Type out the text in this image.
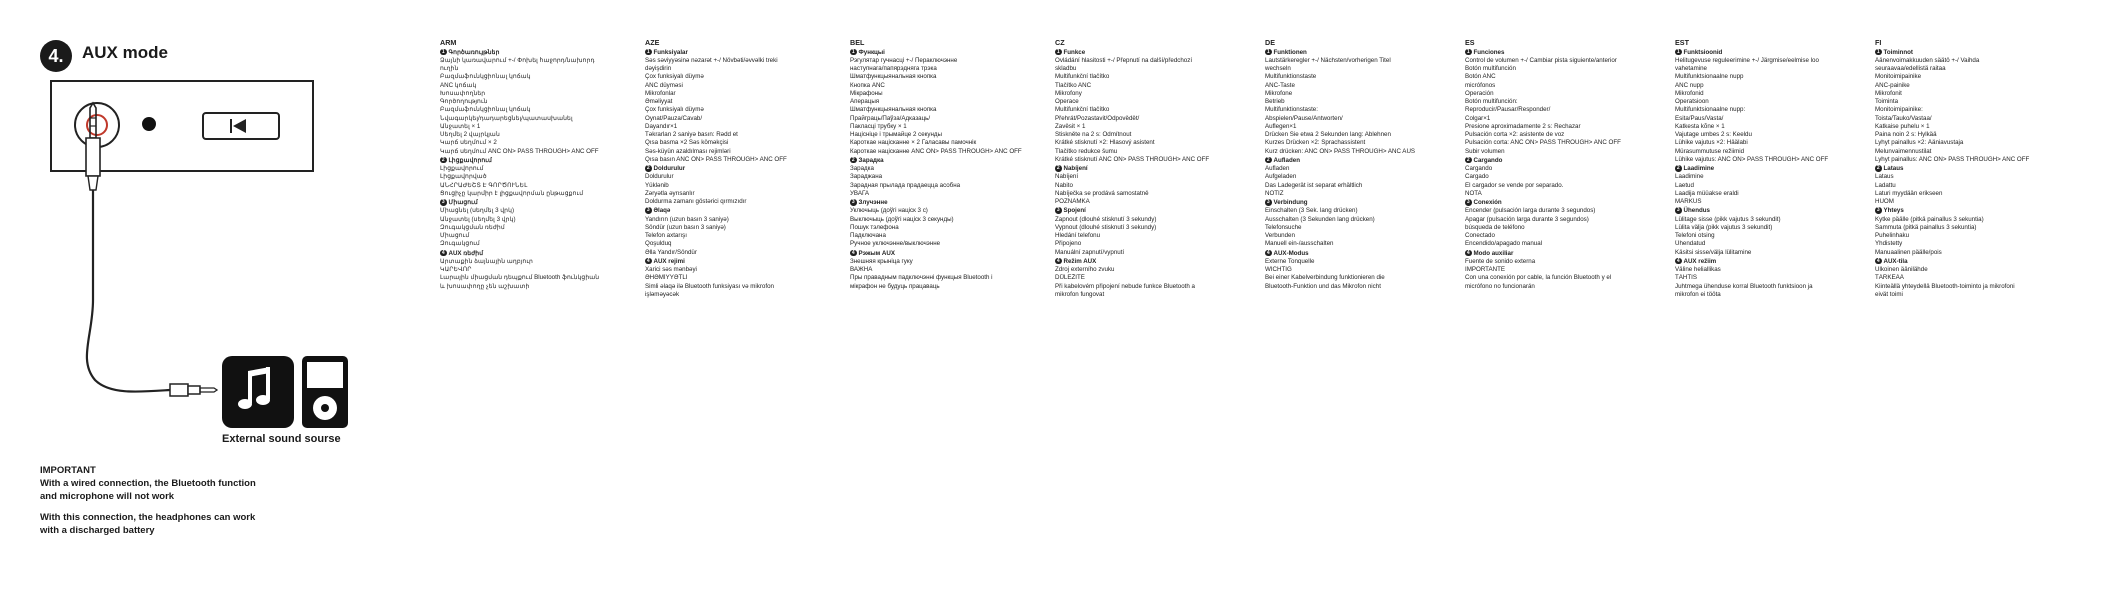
4.	AUX mode
External sound sourse

IMPORTANT
With a wired connection, the Bluetooth function
and microphone will not work

With this connection, the headphones can work
with a discharged battery

ARM
1 Գործառույթներ
Ձայնի կառավարում +-/ Փոխել հաջորդ/նախորդ
ուղին
Բազմաֆունկցիոնալ կոճակ
ANC կոճակ
Խոսափողներ
Գործողություն
Բազմաֆունկցիոնալ կոճակ
Նվագարկել/դադարեցնել/պատասխանել
Անջատել × 1
Սեղմել 2 վայրկյան
Կարճ սեղմում × 2
Կարճ սեղմում ANC ON> PASS THROUGH> ANC OFF
2 Լիցքավորում
Լիցքավորում
Լիցքավորված
ԱՆՀՐԱԺԵՇՏ Է ԳՈՐԾՈՒՆԵԼ
Ցուցիչը կարմիր է լիցքավորման ընթացքում
3 Միացում
Միացնել (սեղմել 3 վրկ)
Անջատել (սեղմել 3 վրկ)
Զուգակցման ռեժիմ
Միացում
Զուգակցում
4 AUX ռեժիմ
Արտաքին ձայնային աղբյուր
ԿԱՐԵՎՈՐ
Լարային միացման դեպքում Bluetooth ֆունկցիան
և խոսափողը չեն աշխատի
AZE
1 Funksiyalar
Səs səviyyəsinə nəzarət +-/ Növbəti/əvvəlki treki
dəyişdirin
Çox funksiyalı düymə
ANC düyməsi
Mikrofonlar
Əməliyyat
Çox funksiyalı düymə
Oynat/Pauza/Cavab/
Dayandır×1
Təkrarlan 2 saniyə basın: Rədd et
Qısa basma ×2 Səs köməkçisi
Səs-küyün azaldılması rejimləri
Qısa basın ANC ON> PASS THROUGH> ANC OFF
2 Doldurulur
Doldurulur
Yüklənib
Zəryətla əyrısanlır
Doldurma zamanı göstərici qırmızıdır
3 Əlaqə
Yandırın (uzun basın 3 saniyə)
Söndür (uzun basın 3 saniyə)
Telefon axtarışı
Qoşulduq
Əlla Yandır/Söndür
4 AUX rejimi
Xarici səs mənbəyi
ƏHƏMİYYƏTLİ
Simli əlaqə ilə Bluetooth funksiyası və mikrofon
işləməyəcək
BEL
1 Функцыі
Рэгулятар гучнасці +-/ Пераключэнне
наступнага/папярэдняга трэка
Шматфункцыянальная кнопка
Кнопка ANC
Мікрафоны
Аперацыя
Шматфункцыянальная кнопка
Прайграць/Паўза/Адказаць/
Пакласці трубку × 1
Націсніце і трымайце 2 секунды
Кароткае націсканне × 2 Галасавы памочнік
Кароткае націсканне ANC ON> PASS THROUGH> ANC OFF
2 Зарадка
Зарадка
Зараджана
Зарадная прылада прадаецца асобна
УВАГА
3 Злучэнне
Уключыць (доўгі націск 3 с)
Выключыць (доўгі націск 3 секунды)
Пошук тэлефона
Падключана
Ручное уключэнне/выключэнне
4 Рэжым AUX
Знешняя крыніца гуку
ВАЖНА
Пры правадным падключэнні функцыя Bluetooth і
мікрафон не будуць працаваць
CZ
1 Funkce
Ovládání hlasitosti +-/ Přepnutí na další/předchozí
skladbu
Multifunkční tlačítko
Tlačítko ANC
Mikrofony
Operace
Multifunkční tlačítko
Přehrát/Pozastavit/Odpovědět/
Zavěsit × 1
Stiskněte na 2 s: Odmítnout
Krátké stisknutí ×2: Hlasový asistent
Tlačítko redukce šumu
Krátké stisknutí ANC ON> PASS THROUGH> ANC OFF
2 Nabíjení
Nabíjení
Nabito
Nabíječka se prodává samostatně
POZNÁMKA
3 Spojení
Zapnout (dlouhé stisknutí 3 sekundy)
Vypnout (dlouhé stisknutí 3 sekundy)
Hledání telefonu
Připojeno
Manuální zapnutí/vypnutí
4 Režim AUX
Zdroj externího zvuku
DŮLEŽITÉ
Při kabelovém připojení nebude funkce Bluetooth a
mikrofon fungovat
DE
1 Funktionen
Lautstärkeregler +-/ Nächsten/vorherigen Titel
wechseln
Multifunktionstaste
ANC-Taste
Mikrofone
Betrieb
Multifunktionstaste:
Abspielen/Pause/Antworten/
Auflegen×1
Drücken Sie etwa 2 Sekunden lang: Ablehnen
Kurzes Drücken ×2: Sprachassistent
Kurz drücken: ANC ON> PASS THROUGH> ANC AUS
2 Aufladen
Aufladen
Aufgeladen
Das Ladegerät ist separat erhältlich
NOTIZ
3 Verbindung
Einschalten (3 Sek. lang drücken)
Ausschalten (3 Sekunden lang drücken)
Telefonsuche
Verbunden
Manuell ein-/ausschalten
4 AUX-Modus
Externe Tonquelle
WICHTIG
Bei einer Kabelverbindung funktionieren die
Bluetooth-Funktion und das Mikrofon nicht
ES
1 Funciones
Control de volumen +-/ Cambiar pista siguiente/anterior
Botón multifunción
Botón ANC
micrófonos
Operación
Botón multifunción:
Reproducir/Pausar/Responder/
Colgar×1
Presione aproximadamente 2 s: Rechazar
Pulsación corta ×2: asistente de voz
Pulsación corta: ANC ON> PASS THROUGH> ANC OFF
Subir volumen
2 Cargando
Cargando
Cargado
El cargador se vende por separado.
NOTA
3 Conexión
Encender (pulsación larga durante 3 segundos)
Apagar (pulsación larga durante 3 segundos)
búsqueda de teléfono
Conectado
Encendido/apagado manual
4 Modo auxiliar
Fuente de sonido externa
IMPORTANTE
Con una conexión por cable, la función Bluetooth y el
micrófono no funcionarán
EST
1 Funktsioonid
Helitugevuse reguleerimine +-/ Järgmise/eelmise loo
vahetamine
Multifunktsionaalne nupp
ANC nupp
Mikrofonid
Operatsioon
Multifunktsionaalne nupp:
Esita/Paus/Vasta/
Katkesta kõne × 1
Vajutage umbes 2 s: Keeldu
Lühike vajutus ×2: Häälabi
Mürasummutuse režiimid
Lühike vajutus: ANC ON> PASS THROUGH> ANC OFF
2 Laadimine
Laadimine
Laetud
Laadija müüakse eraldi
MÄRKUS
3 Ühendus
Lülitage sisse (pikk vajutus 3 sekundit)
Lülita välja (pikk vajutus 3 sekundit)
Telefoni otsing
Ühendatud
Käsitsi sisse/välja lülitamine
4 AUX režiim
Väline heliallikas
TÄHTIS
Juhtmega ühenduse korral Bluetooth funktsioon ja
mikrofon ei tööta
FI
1 Toiminnot
Äänenvoimakkuuden säätö +-/ Vaihda
seuraavaa/edellistä raitaa
Monitoimipainike
ANC-painike
Mikrofonit
Toiminta
Monitoimipainike:
Toista/Tauko/Vastaa/
Katkaise puhelu × 1
Paina noin 2 s: Hylkää
Lyhyt painallus ×2: Ääniavustaja
Melunvaimennustilat
Lyhyt painallus: ANC ON> PASS THROUGH> ANC OFF
2 Lataus
Lataus
Ladattu
Laturi myydään erikseen
HUOM
3 Yhteys
Kytke päälle (pitkä painallus 3 sekuntia)
Sammuta (pitkä painallus 3 sekuntia)
Puhelinhaku
Yhdistetty
Manuaalinen päälle/pois
4 AUX-tila
Ulkoinen äänilähde
TÄRKEÄÄ
Kiinteällä yhteydellä Bluetooth-toiminto ja mikrofoni
eivät toimi
